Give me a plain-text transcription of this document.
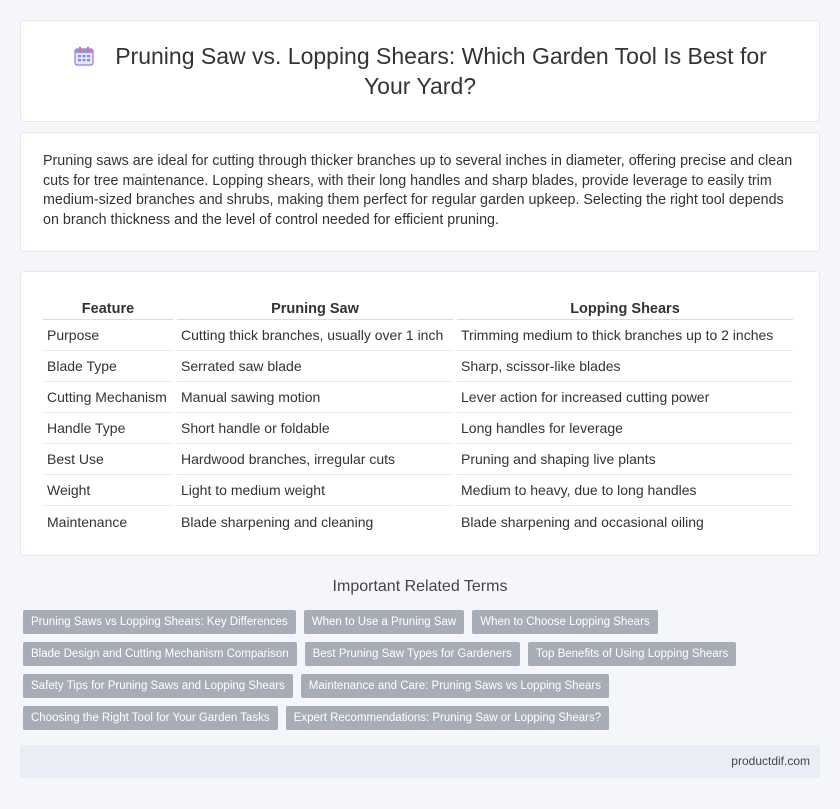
Pruning Saw vs. Lopping Shears: Which Garden Tool Is Best for Your Yard?

Pruning saws are ideal for cutting through thicker branches up to several inches in diameter, offering precise and clean cuts for tree maintenance. Lopping shears, with their long handles and sharp blades, provide leverage to easily trim medium-sized branches and shrubs, making them perfect for regular garden upkeep. Selecting the right tool depends on branch thickness and the level of control needed for efficient pruning.

Feature	Pruning Saw	Lopping Shears
Purpose	Cutting thick branches, usually over 1 inch	Trimming medium to thick branches up to 2 inches
Blade Type	Serrated saw blade	Sharp, scissor-like blades
Cutting Mechanism	Manual sawing motion	Lever action for increased cutting power
Handle Type	Short handle or foldable	Long handles for leverage
Best Use	Hardwood branches, irregular cuts	Pruning and shaping live plants
Weight	Light to medium weight	Medium to heavy, due to long handles
Maintenance	Blade sharpening and cleaning	Blade sharpening and occasional oiling
Important Related Terms
Pruning Saws vs Lopping Shears: Key Differences	When to Use a Pruning Saw	When to Choose Lopping Shears
Blade Design and Cutting Mechanism Comparison	Best Pruning Saw Types for Gardeners	Top Benefits of Using Lopping Shears
Safety Tips for Pruning Saws and Lopping Shears	Maintenance and Care: Pruning Saws vs Lopping Shears
Choosing the Right Tool for Your Garden Tasks	Expert Recommendations: Pruning Saw or Lopping Shears?
productdif.com
